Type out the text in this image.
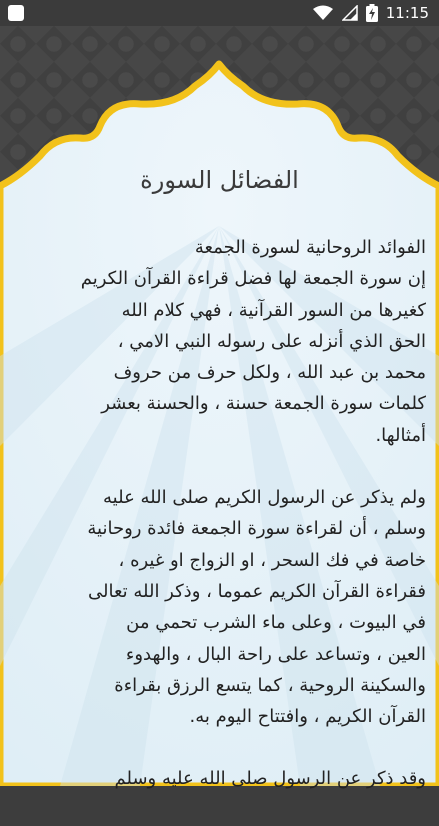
11:15
الفضائل السورة

الفوائد الروحانية لسورة الجمعة
إن سورة الجمعة لها فضل قراءة القرآن الكريم
كغيرها من السور القرآنية ، فهي كلام الله
الحق الذي أنزله على رسوله النبي الامي ،
محمد بن عبد الله ، ولكل حرف من حروف
كلمات سورة الجمعة حسنة ، والحسنة بعشر
أمثالها.

ولم يذكر عن الرسول الكريم صلى الله عليه
وسلم ، أن لقراءة سورة الجمعة فائدة روحانية
خاصة في فك السحر ، او الزواج او غيره ،
فقراءة القرآن الكريم عموما ، وذكر الله تعالى
في البيوت ، وعلى ماء الشرب تحمي من
العين ، وتساعد على راحة البال ، والهدوء
والسكينة الروحية ، كما يتسع الرزق بقراءة
القرآن الكريم ، وافتتاح اليوم به.

وقد ذكر عن الرسول صلى الله عليه وسلم
